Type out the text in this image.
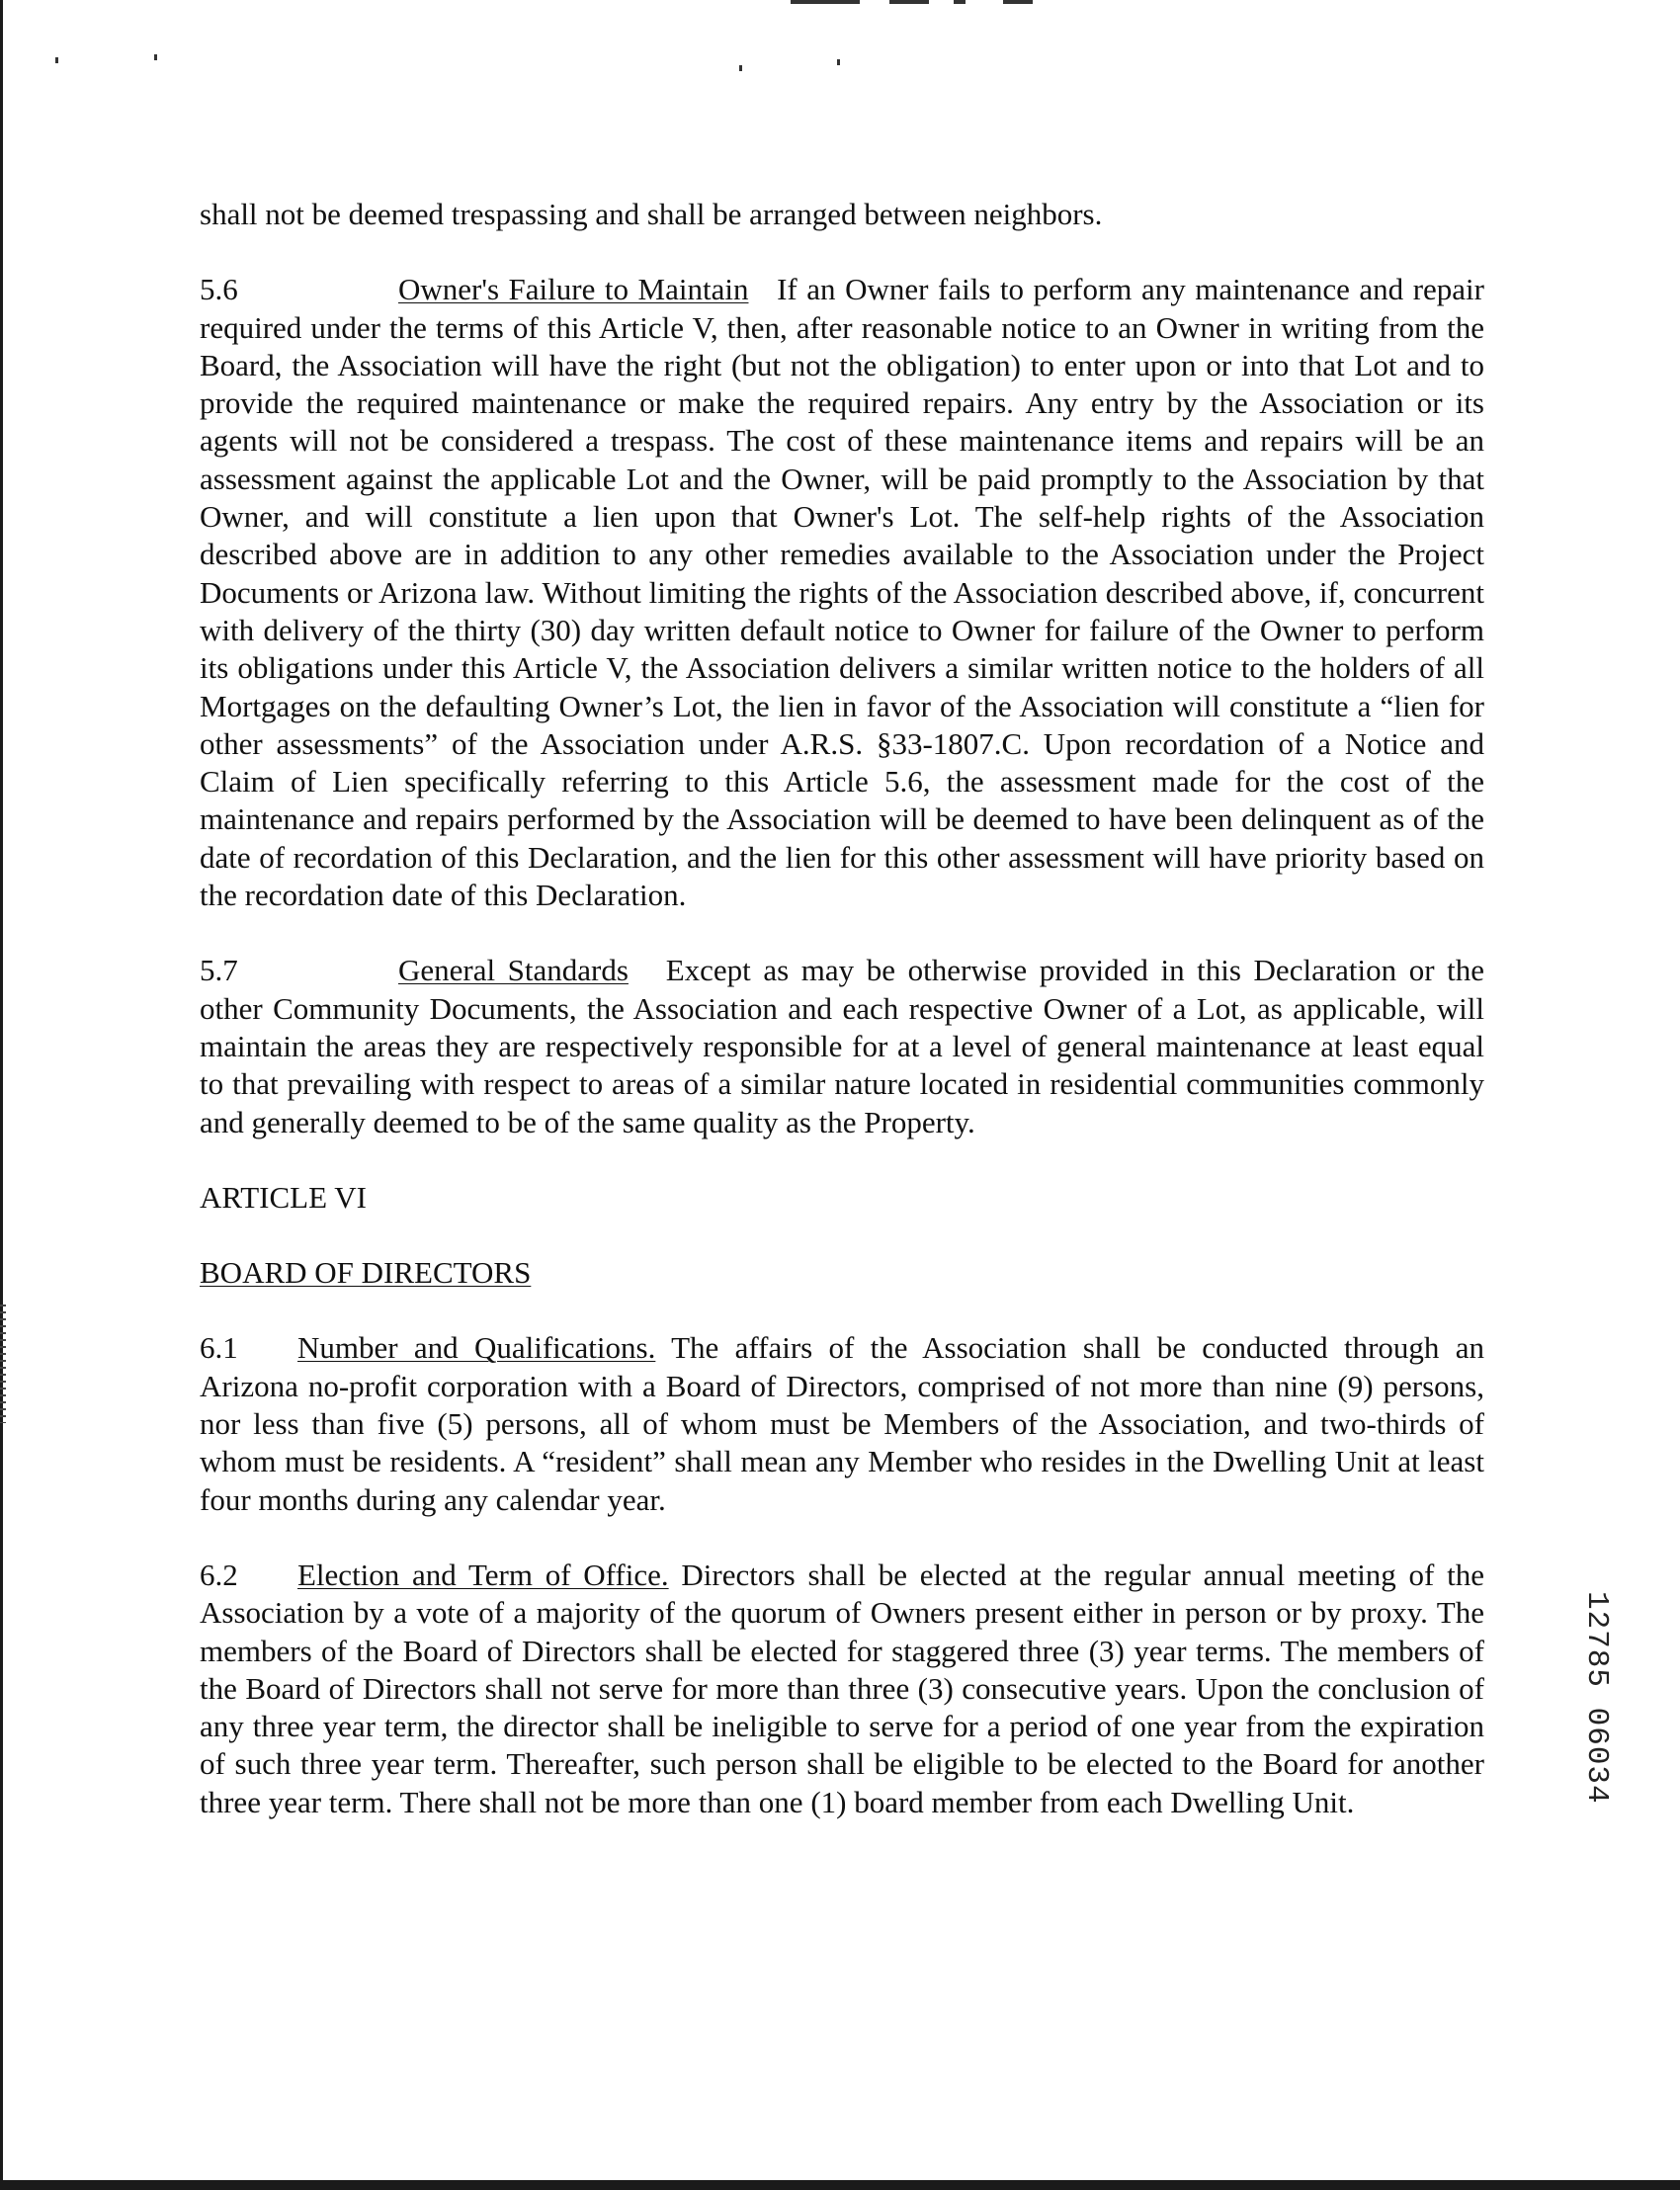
shall not be deemed trespassing and shall be arranged between neighbors.

5.6	Owner's Failure to Maintain If an Owner fails to perform any maintenance and repair required under the terms of this Article V, then, after reasonable notice to an Owner in writing from the Board, the Association will have the right (but not the obligation) to enter upon or into that Lot and to provide the required maintenance or make the required repairs. Any entry by the Association or its agents will not be considered a trespass. The cost of these maintenance items and repairs will be an assessment against the applicable Lot and the Owner, will be paid promptly to the Association by that Owner, and will constitute a lien upon that Owner's Lot. The self-help rights of the Association described above are in addition to any other remedies available to the Association under the Project Documents or Arizona law. Without limiting the rights of the Association described above, if, concurrent with delivery of the thirty (30) day written default notice to Owner for failure of the Owner to perform its obligations under this Article V, the Association delivers a similar written notice to the holders of all Mortgages on the defaulting Owner’s Lot, the lien in favor of the Association will constitute a “lien for other assessments” of the Association under A.R.S. §33-1807.C. Upon recordation of a Notice and Claim of Lien specifically referring to this Article 5.6, the assessment made for the cost of the maintenance and repairs performed by the Association will be deemed to have been delinquent as of the date of recordation of this Declaration, and the lien for this other assessment will have priority based on the recordation date of this Declaration.

5.7	General Standards Except as may be otherwise provided in this Declaration or the other Community Documents, the Association and each respective Owner of a Lot, as applicable, will maintain the areas they are respectively responsible for at a level of general maintenance at least equal to that prevailing with respect to areas of a similar nature located in residential communities commonly and generally deemed to be of the same quality as the Property.

ARTICLE VI

BOARD OF DIRECTORS

6.1 Number and Qualifications. The affairs of the Association shall be conducted through an Arizona no-profit corporation with a Board of Directors, comprised of not more than nine (9) persons, nor less than five (5) persons, all of whom must be Members of the Association, and two-thirds of whom must be residents. A “resident” shall mean any Member who resides in the Dwelling Unit at least four months during any calendar year.

6.2 Election and Term of Office. Directors shall be elected at the regular annual meeting of the Association by a vote of a majority of the quorum of Owners present either in person or by proxy. The members of the Board of Directors shall be elected for staggered three (3) year terms. The members of the Board of Directors shall not serve for more than three (3) consecutive years. Upon the conclusion of any three year term, the director shall be ineligible to serve for a period of one year from the expiration of such three year term. Thereafter, such person shall be eligible to be elected to the Board for another three year term. There shall not be more than one (1) board member from each Dwelling Unit.	12785 06034
